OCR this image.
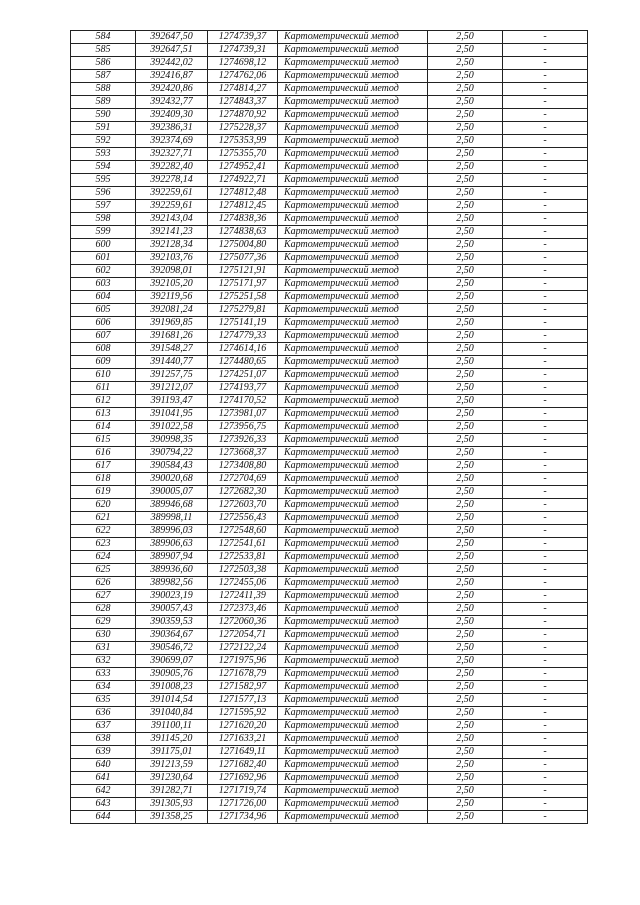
584	392647,50	1274739,37	Картометрический метод	2,50	-
585	392647,51	1274739,31	Картометрический метод	2,50	-
586	392442,02	1274698,12	Картометрический метод	2,50	-
587	392416,87	1274762,06	Картометрический метод	2,50	-
588	392420,86	1274814,27	Картометрический метод	2,50	-
589	392432,77	1274843,37	Картометрический метод	2,50	-
590	392409,30	1274870,92	Картометрический метод	2,50	-
591	392386,31	1275228,37	Картометрический метод	2,50	-
592	392374,69	1275353,99	Картометрический метод	2,50	-
593	392327,71	1275355,70	Картометрический метод	2,50	-
594	392282,40	1274952,41	Картометрический метод	2,50	-
595	392278,14	1274922,71	Картометрический метод	2,50	-
596	392259,61	1274812,48	Картометрический метод	2,50	-
597	392259,61	1274812,45	Картометрический метод	2,50	-
598	392143,04	1274838,36	Картометрический метод	2,50	-
599	392141,23	1274838,63	Картометрический метод	2,50	-
600	392128,34	1275004,80	Картометрический метод	2,50	-
601	392103,76	1275077,36	Картометрический метод	2,50	-
602	392098,01	1275121,91	Картометрический метод	2,50	-
603	392105,20	1275171,97	Картометрический метод	2,50	-
604	392119,56	1275251,58	Картометрический метод	2,50	-
605	392081,24	1275279,81	Картометрический метод	2,50	-
606	391969,85	1275141,19	Картометрический метод	2,50	-
607	391681,26	1274779,33	Картометрический метод	2,50	-
608	391548,27	1274614,16	Картометрический метод	2,50	-
609	391440,77	1274480,65	Картометрический метод	2,50	-
610	391257,75	1274251,07	Картометрический метод	2,50	-
611	391212,07	1274193,77	Картометрический метод	2,50	-
612	391193,47	1274170,52	Картометрический метод	2,50	-
613	391041,95	1273981,07	Картометрический метод	2,50	-
614	391022,58	1273956,75	Картометрический метод	2,50	-
615	390998,35	1273926,33	Картометрический метод	2,50	-
616	390794,22	1273668,37	Картометрический метод	2,50	-
617	390584,43	1273408,80	Картометрический метод	2,50	-
618	390020,68	1272704,69	Картометрический метод	2,50	-
619	390005,07	1272682,30	Картометрический метод	2,50	-
620	389946,68	1272603,70	Картометрический метод	2,50	-
621	389998,11	1272556,43	Картометрический метод	2,50	-
622	389996,03	1272548,60	Картометрический метод	2,50	-
623	389906,63	1272541,61	Картометрический метод	2,50	-
624	389907,94	1272533,81	Картометрический метод	2,50	-
625	389936,60	1272503,38	Картометрический метод	2,50	-
626	389982,56	1272455,06	Картометрический метод	2,50	-
627	390023,19	1272411,39	Картометрический метод	2,50	-
628	390057,43	1272373,46	Картометрический метод	2,50	-
629	390359,53	1272060,36	Картометрический метод	2,50	-
630	390364,67	1272054,71	Картометрический метод	2,50	-
631	390546,72	1272122,24	Картометрический метод	2,50	-
632	390699,07	1271975,96	Картометрический метод	2,50	-
633	390905,76	1271678,79	Картометрический метод	2,50	-
634	391008,23	1271582,97	Картометрический метод	2,50	-
635	391014,54	1271577,13	Картометрический метод	2,50	-
636	391040,84	1271595,92	Картометрический метод	2,50	-
637	391100,11	1271620,20	Картометрический метод	2,50	-
638	391145,20	1271633,21	Картометрический метод	2,50	-
639	391175,01	1271649,11	Картометрический метод	2,50	-
640	391213,59	1271682,40	Картометрический метод	2,50	-
641	391230,64	1271692,96	Картометрический метод	2,50	-
642	391282,71	1271719,74	Картометрический метод	2,50	-
643	391305,93	1271726,00	Картометрический метод	2,50	-
644	391358,25	1271734,96	Картометрический метод	2,50	-
